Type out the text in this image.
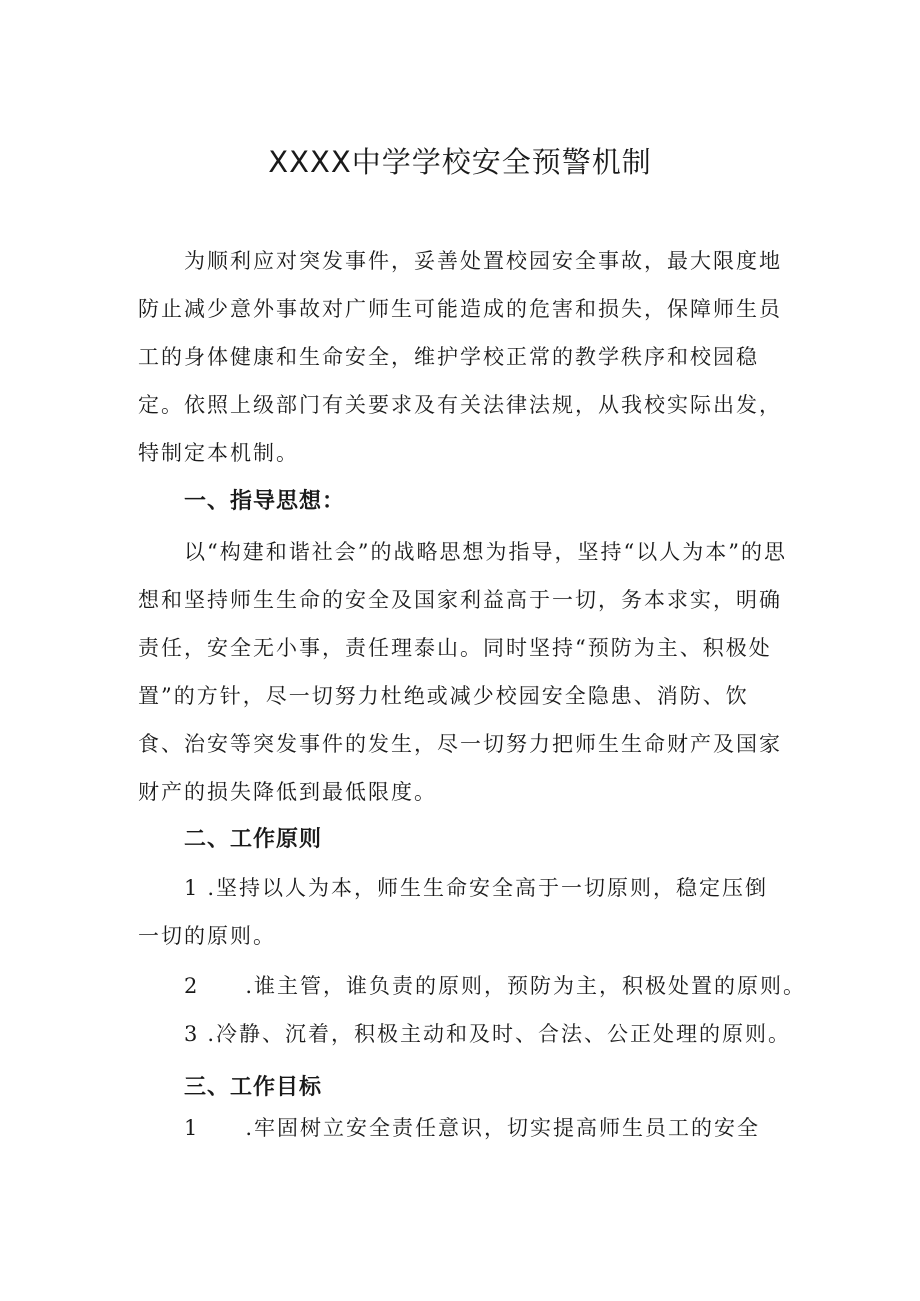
XXXX中学学校安全预警机制
为顺利应对突发事件，妥善处置校园安全事故，最大限度地防止减少意外事故对广师生可能造成的危害和损失，保障师生员工的身体健康和生命安全，维护学校正常的教学秩序和校园稳定。依照上级部门有关要求及有关法律法规，从我校实际出发，特制定本机制。
一、指导思想：
以“构建和谐社会”的战略思想为指导，坚持“以人为本”的思想和坚持师生生命的安全及国家利益高于一切，务本求实，明确责任，安全无小事，责任理泰山。同时坚持“预防为主、积极处置”的方针，尽一切努力杜绝或减少校园安全隐患、消防、饮食、治安等突发事件的发生，尽一切努力把师生生命财产及国家财产的损失降低到最低限度。
二、工作原则
1 .坚持以人为本，师生生命安全高于一切原则，稳定压倒一切的原则。
2 .谁主管，谁负责的原则，预防为主，积极处置的原则。
3 .冷静、沉着，积极主动和及时、合法、公正处理的原则。
三、工作目标
1 .牢固树立安全责任意识，切实提高师生员工的安全
